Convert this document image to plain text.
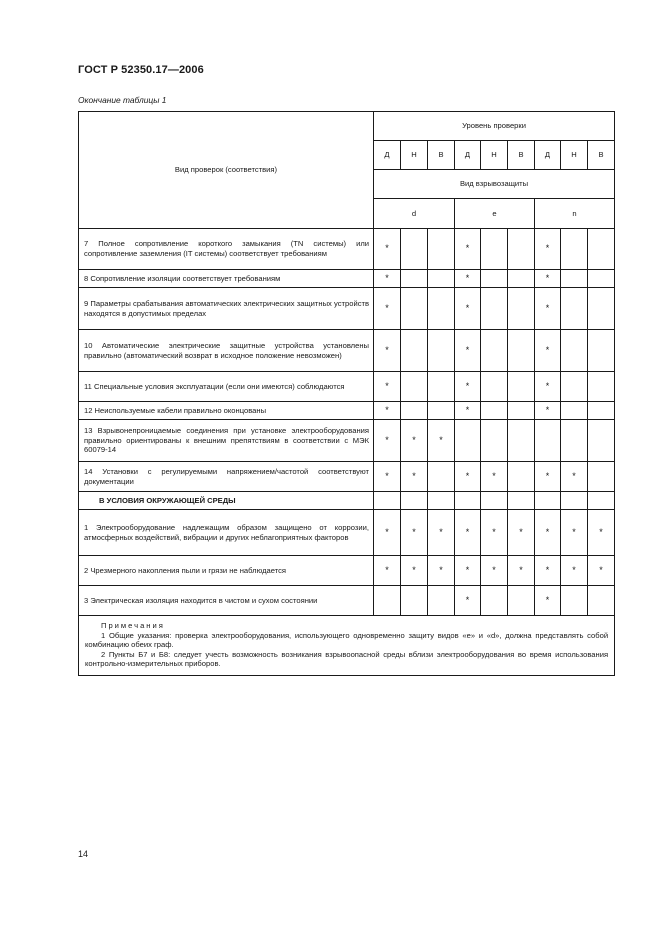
ГОСТ Р 52350.17—2006
Окончание таблицы 1
Вид проверок (соответствия)	Уровень проверки								
	Д	Н	В	Д	Н	В	Д	Н	В
	Вид взрывозащиты								
	d			e			n		
7 Полное сопротивление короткого замыкания (TN системы) или сопротивление заземления (IT системы) соответствует требованиям	*			*			*		
8 Сопротивление изоляции соответствует требованиям	*			*			*		
9 Параметры срабатывания автоматических электрических защитных устройств находятся в допустимых пределах	*			*			*		
10 Автоматические электрические защитные устройства установлены правильно (автоматический возврат в исходное положение невозможен)	*			*			*		
11 Специальные условия эксплуатации (если они имеются) соблюдаются	*			*			*		
12 Неиспользуемые кабели правильно оконцованы	*			*			*		
13 Взрывонепроницаемые соединения при установке электрооборудования правильно ориентированы к внешним препятствиям в соответствии с МЭК 60079-14	*	*	*						
14 Установки с регулируемыми напряжением/частотой соответствуют документации	*	*		*	*		*	*	
В УСЛОВИЯ ОКРУЖАЮЩЕЙ СРЕДЫ									
1 Электрооборудование надлежащим образом защищено от коррозии, атмосферных воздействий, вибрации и других неблагоприятных факторов	*	*	*	*	*	*	*	*	*
2 Чрезмерного накопления пыли и грязи не наблюдается	*	*	*	*	*	*	*	*	*
3 Электрическая изоляция находится в чистом и сухом состоянии				*			*		

Примечания

1 Общие указания: проверка электрооборудования, использующего одновременно защиту видов «е» и «d», должна представлять собой комбинацию обеих граф.

2 Пункты Б7 и Б8: следует учесть возможность возникания взрывоопасной среды вблизи электрооборудования во время использования контрольно-измерительных приборов.									

14
